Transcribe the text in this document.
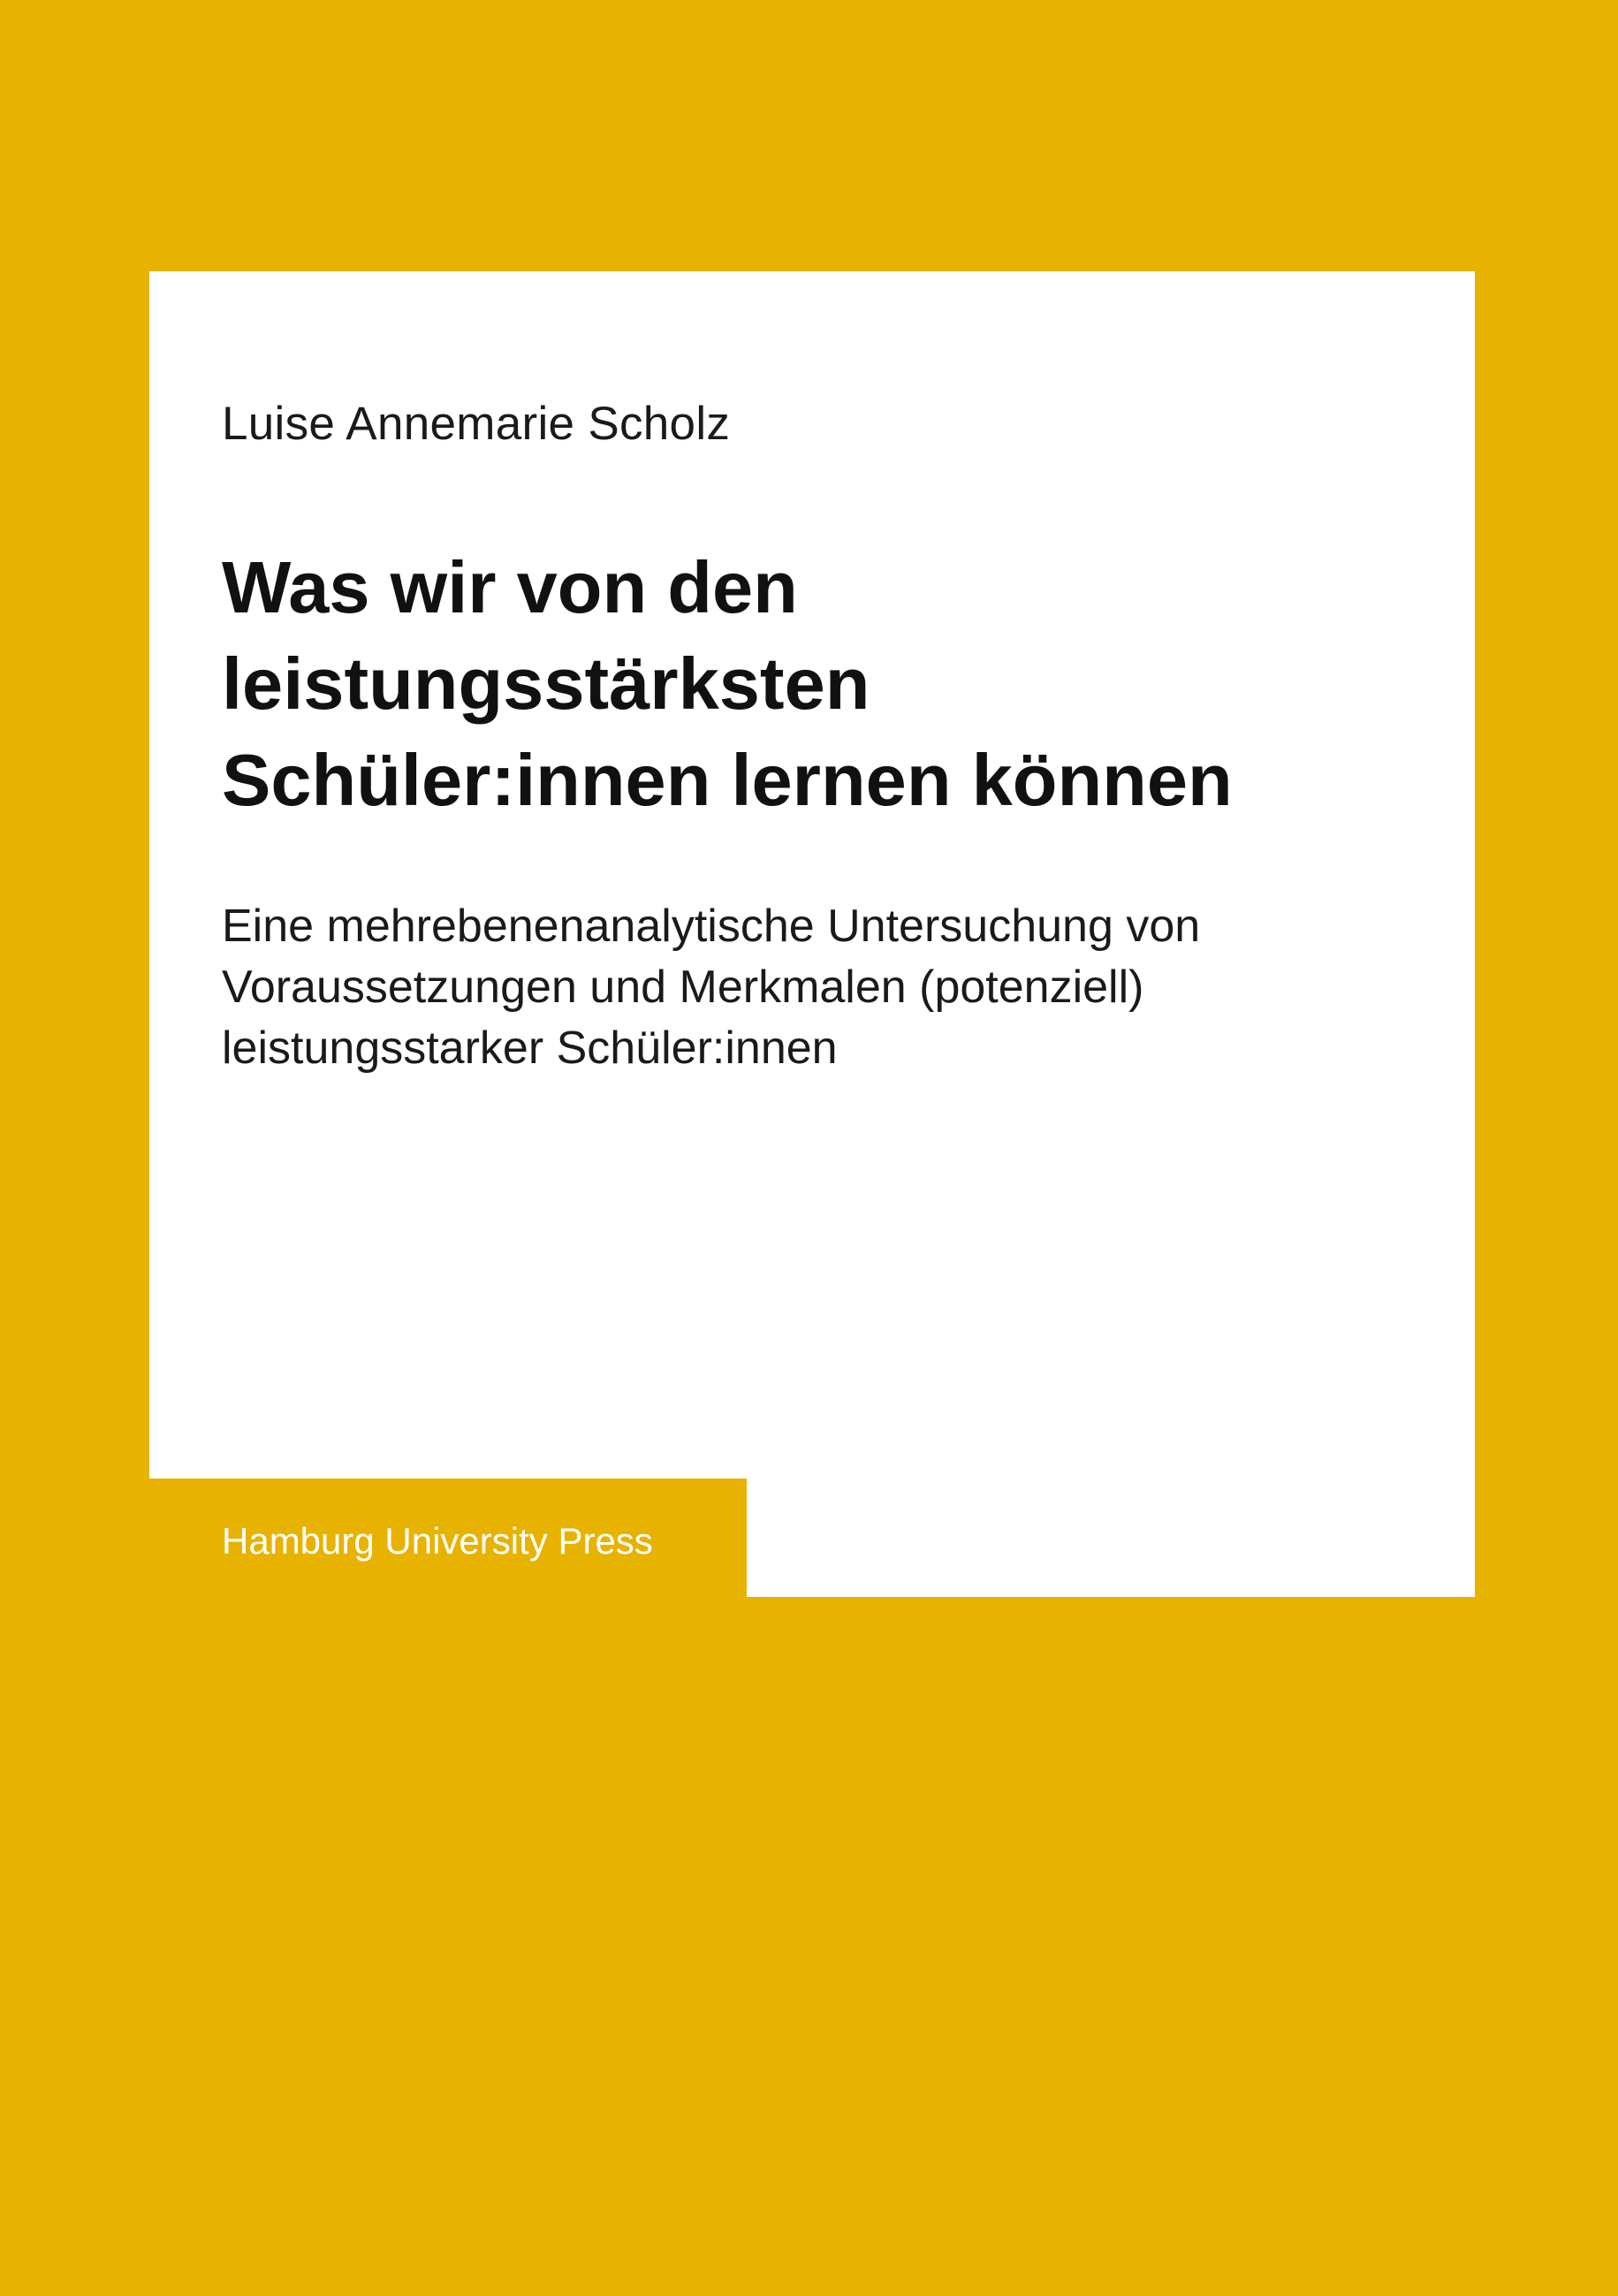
Luise Annemarie Scholz
Was wir von den
leistungsstärksten
Schüler:innen lernen können

Eine mehrebenenanalytische Untersuchung von
Voraussetzungen und Merkmalen (potenziell)
leistungsstarker Schüler:innen

Hamburg University Press
